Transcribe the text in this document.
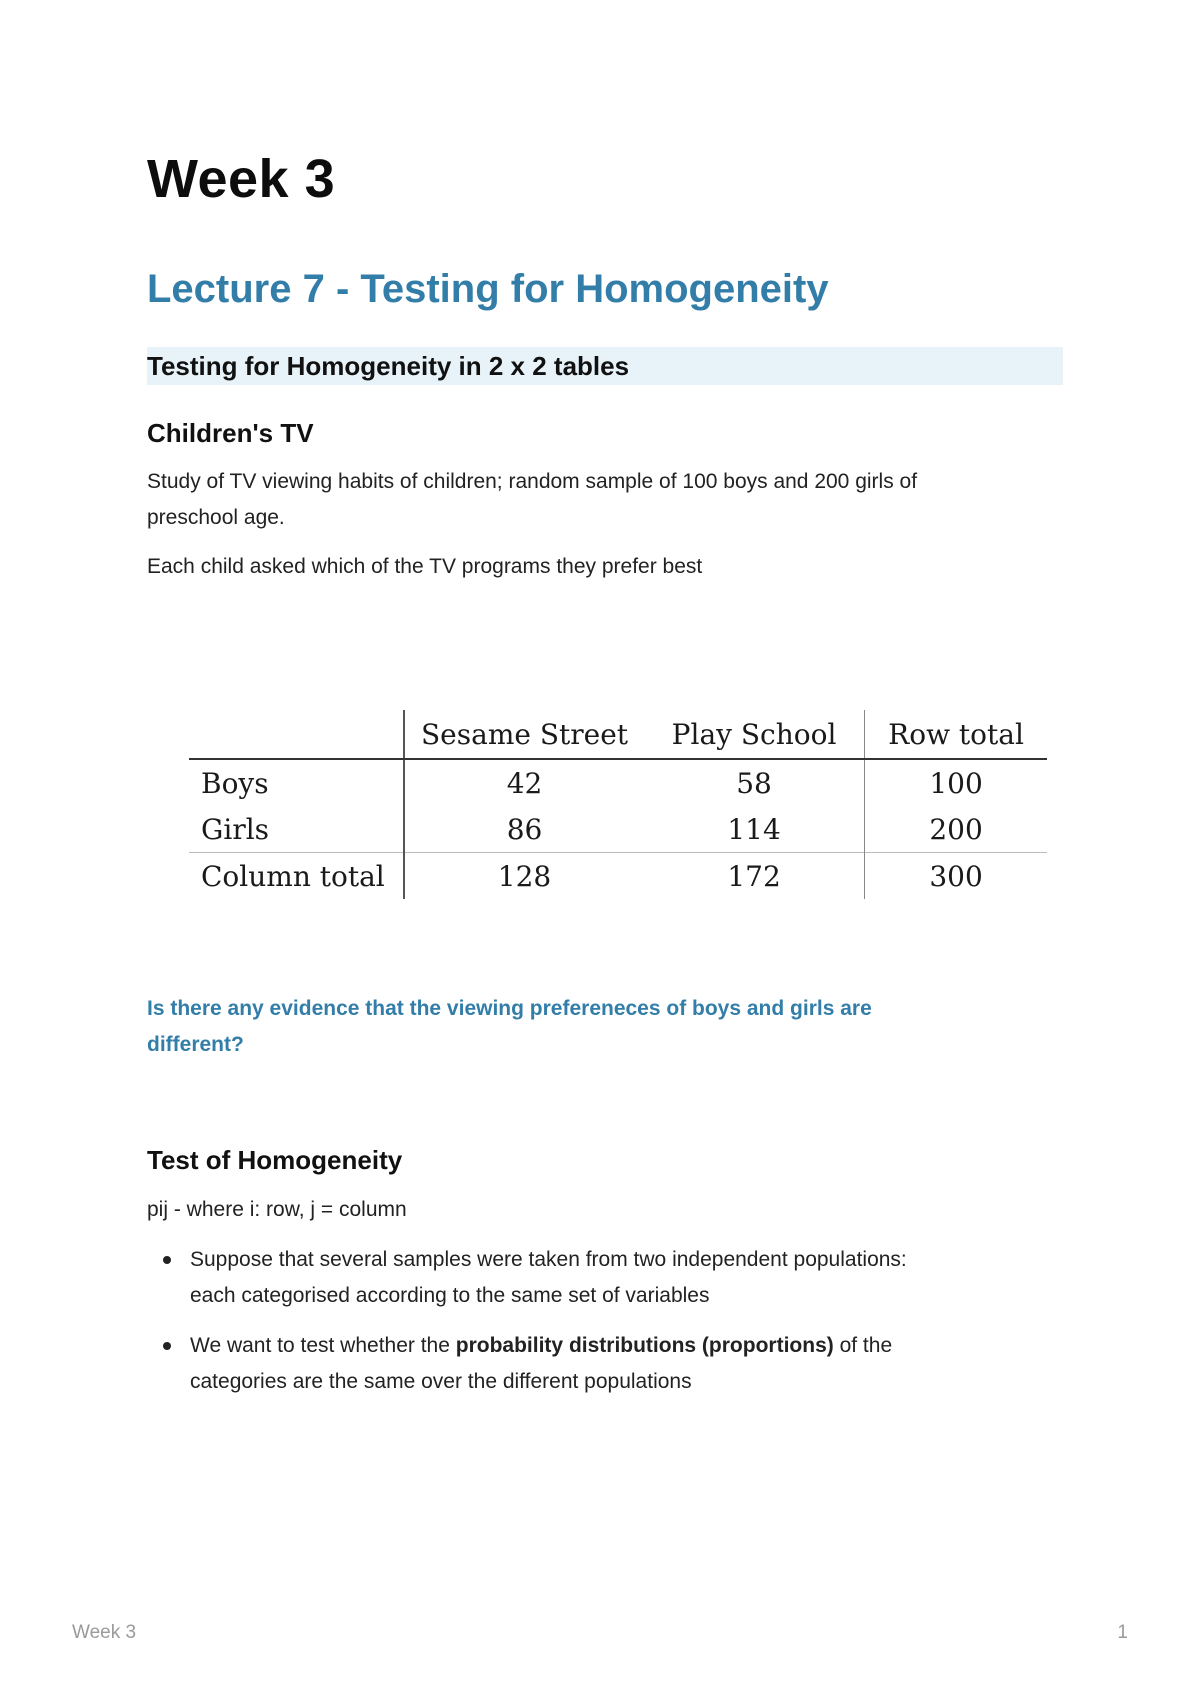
Week 3
Lecture 7 - Testing for Homogeneity
Testing for Homogeneity in 2 x 2 tables
Children's TV
Study of TV viewing habits of children; random sample of 100 boys and 200 girls of
preschool age.
Each child asked which of the TV programs they prefer best
Is there any evidence that the viewing prefereneces of boys and girls are
different?
Test of Homogeneity
pij - where i: row, j = column
Suppose that several samples were taken from two independent populations:
each categorised according to the same set of variables
We want to test whether the probability distributions (proportions) of the
categories are the same over the different populations
	Sesame Street	Play School	Row total
Boys	42	58	100
Girls	86	114	200
Column total	128	172	300
Week 3	1
